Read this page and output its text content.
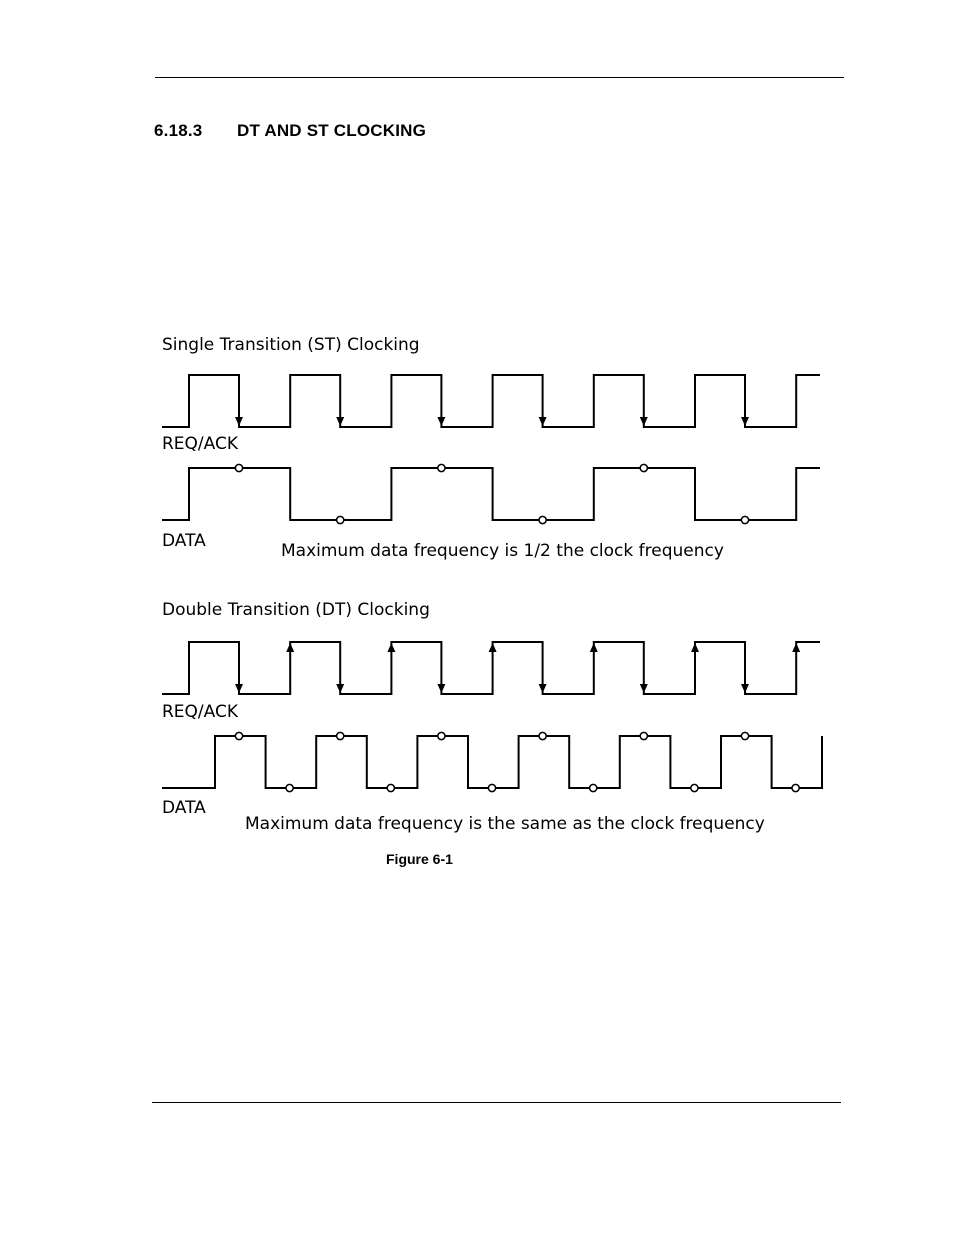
6.18.3 DT AND ST CLOCKING
Single Transition (ST) Clocking
REQ/ACK
DATA	Maximum data frequency is 1/2 the clock frequency
Double Transition (DT) Clocking
REQ/ACK
DATA
Maximum data frequency is the same as the clock frequency
Figure 6-1
